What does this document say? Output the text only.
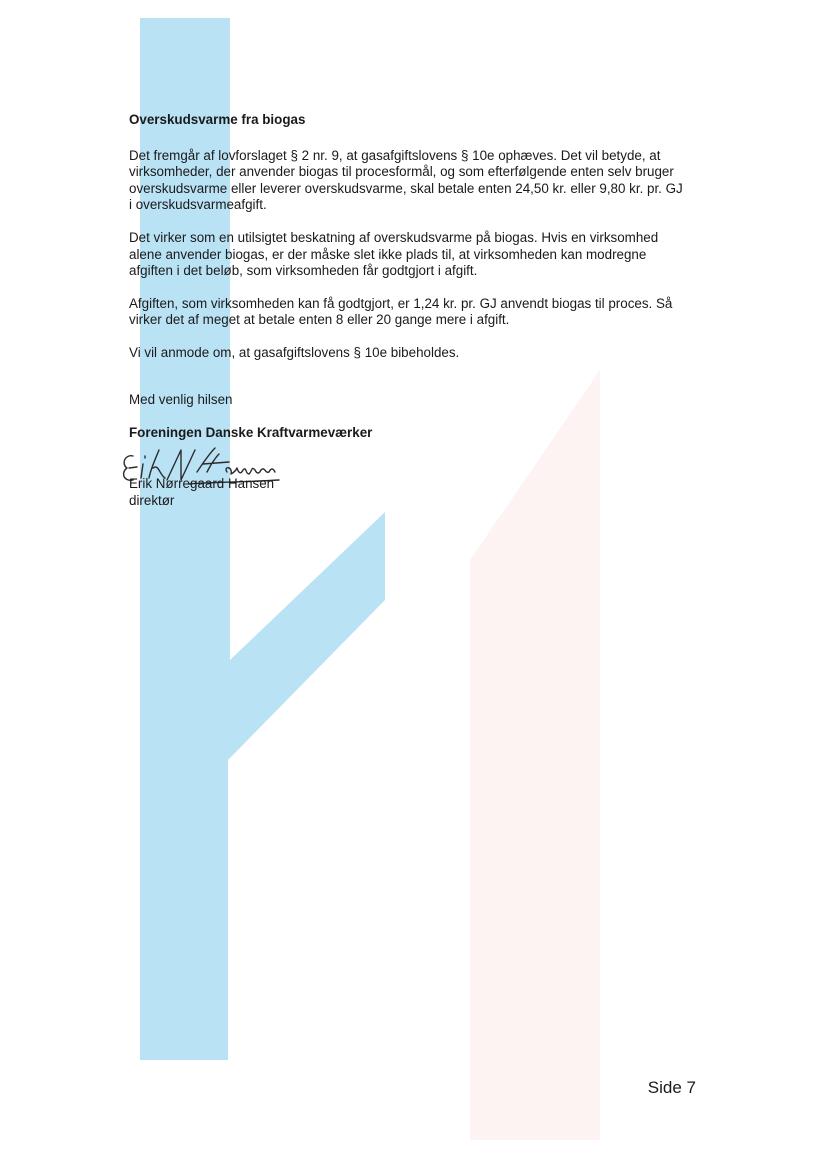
Overskudsvarme fra biogas

Det fremgår af lovforslaget § 2 nr. 9, at gasafgiftslovens § 10e ophæves. Det vil betyde, at virksomheder, der anvender biogas til procesformål, og som efterfølgende enten selv bruger overskudsvarme eller leverer overskudsvarme, skal betale enten 24,50 kr. eller 9,80 kr. pr. GJ i overskudsvarmeafgift.

Det virker som en utilsigtet beskatning af overskudsvarme på biogas. Hvis en virksomhed alene anvender biogas, er der måske slet ikke plads til, at virksomheden kan modregne afgiften i det beløb, som virksomheden får godtgjort i afgift.

Afgiften, som virksomheden kan få godtgjort, er 1,24 kr. pr. GJ anvendt biogas til proces. Så virker det af meget at betale enten 8 eller 20 gange mere i afgift.

Vi vil anmode om, at gasafgiftslovens § 10e bibeholdes.

Med venlig hilsen
Foreningen Danske Kraftvarmeværker
Erik Nørregaard Hansen
direktør
Side 7
